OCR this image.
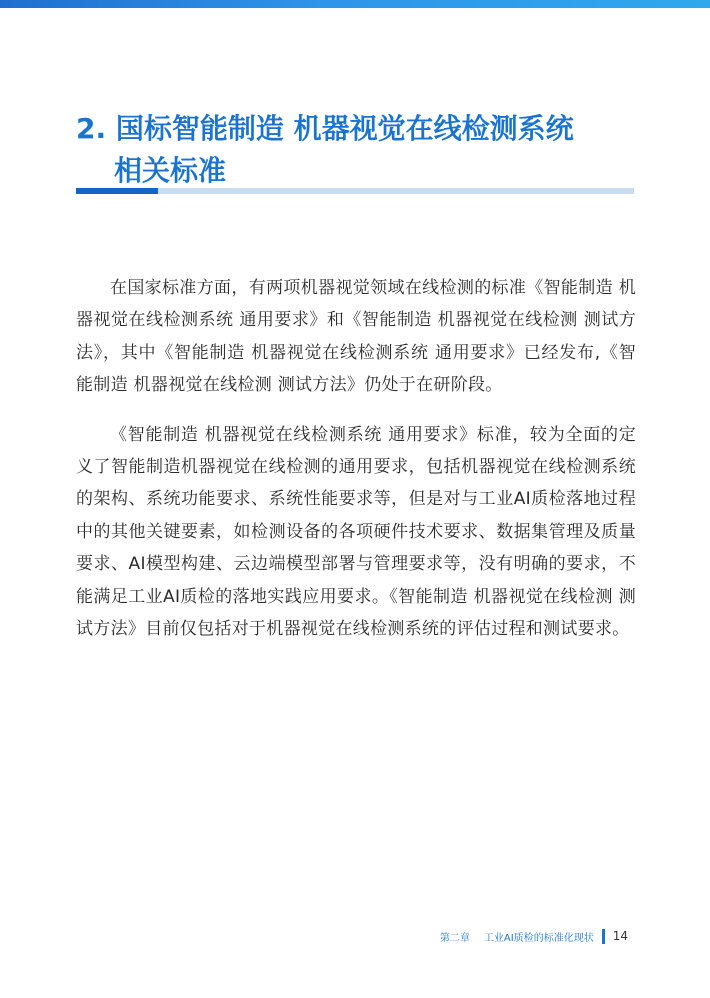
2. 国标智能制造 机器视觉在线检测系统
相关标准

在国家标准方面，有两项机器视觉领域在线检测的标准《智能制造 机器视觉在线检测系统 通用要求》和《智能制造 机器视觉在线检测 测试方法》，其中《智能制造 机器视觉在线检测系统 通用要求》已经发布,《智能制造 机器视觉在线检测 测试方法》仍处于在研阶段。

《智能制造 机器视觉在线检测系统 通用要求》标准，较为全面的定义了智能制造机器视觉在线检测的通用要求，包括机器视觉在线检测系统的架构、系统功能要求、系统性能要求等，但是对与工业AI质检落地过程中的其他关键要素，如检测设备的各项硬件技术要求、数据集管理及质量要求、AI模型构建、云边端模型部署与管理要求等，没有明确的要求，不能满足工业AI质检的落地实践应用要求。《智能制造 机器视觉在线检测 测试方法》目前仅包括对于机器视觉在线检测系统的评估过程和测试要求。

第二章 工业AI质检的标准化现状 14
